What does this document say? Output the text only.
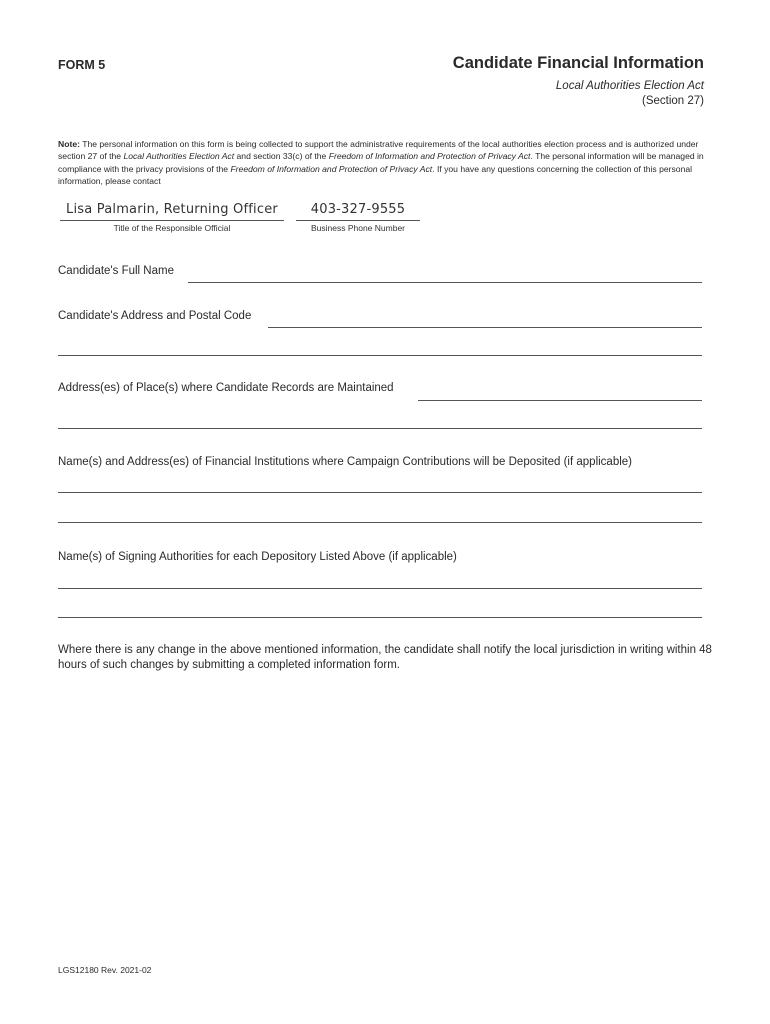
FORM 5	Candidate Financial Information
Local Authorities Election Act
(Section 27)
Note: The personal information on this form is being collected to support the administrative requirements of the local authorities election process and is authorized under section 27 of the Local Authorities Election Act and section 33(c) of the Freedom of Information and Protection of Privacy Act. The personal information will be managed in compliance with the privacy provisions of the Freedom of Information and Protection of Privacy Act. If you have any questions concerning the collection of this personal information, please contact
Lisa Palmarin, Returning Officer
Title of the Responsible Official
403-327-9555
Business Phone Number
Candidate's Full Name
Candidate's Address and Postal Code
Address(es) of Place(s) where Candidate Records are Maintained
Name(s) and Address(es) of Financial Institutions where Campaign Contributions will be Deposited (if applicable)
Name(s) of Signing Authorities for each Depository Listed Above (if applicable)
Where there is any change in the above mentioned information, the candidate shall notify the local jurisdiction in writing within 48 hours of such changes by submitting a completed information form.
LGS12180 Rev. 2021-02
